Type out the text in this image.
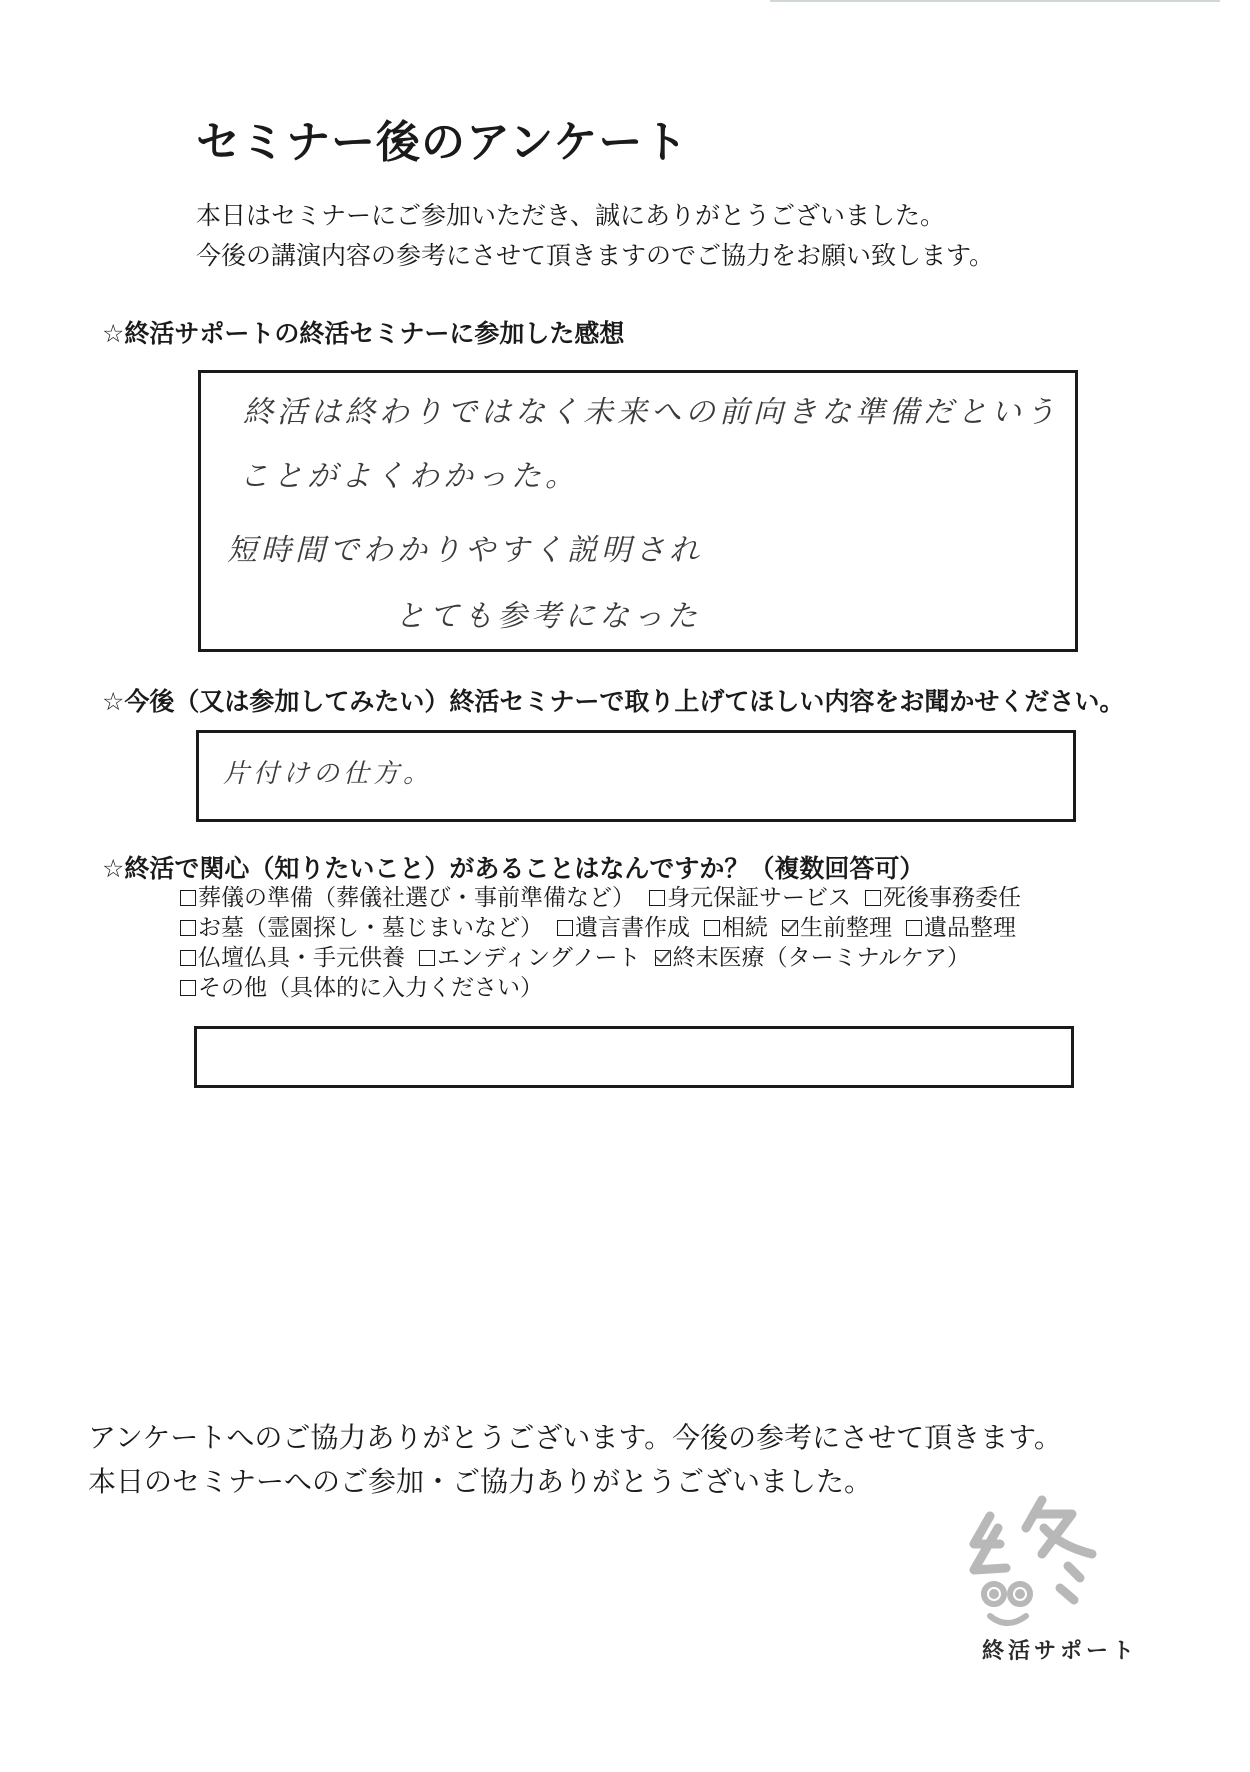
セミナー後のアンケート
本日はセミナーにご参加いただき、誠にありがとうございました。
今後の講演内容の参考にさせて頂きますのでご協力をお願い致します。
☆終活サポートの終活セミナーに参加した感想
終活は終わりではなく未来への前向きな準備だという
ことがよくわかった。
短時間でわかりやすく説明され
とても参考になった
☆今後（又は参加してみたい）終活セミナーで取り上げてほしい内容をお聞かせください。
片付けの仕方。
☆終活で関心（知りたいこと）があることはなんですか？（複数回答可）
葬儀の準備（葬儀社選び・事前準備など） 身元保証サービス 死後事務委任
お墓（霊園探し・墓じまいなど） 遺言書作成 相続 生前整理 遺品整理
仏壇仏具・手元供養 エンディングノート 終末医療（ターミナルケア）
その他（具体的に入力ください）
アンケートへのご協力ありがとうございます。今後の参考にさせて頂きます。
本日のセミナーへのご参加・ご協力ありがとうございました。
終活サポート
